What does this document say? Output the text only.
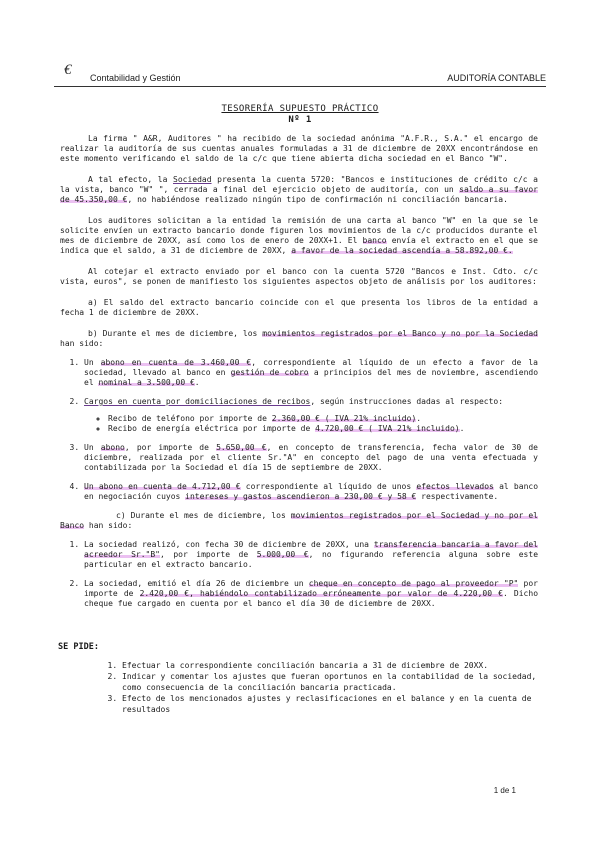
€ Contabilidad y Gestión	AUDITORÍA CONTABLE
TESORERÍA SUPUESTO PRÁCTICO
Nº 1

La firma " A&R, Auditores " ha recibido de la sociedad anónima "A.F.R., S.A." el encargo de realizar la auditoría de sus cuentas anuales formuladas a 31 de diciembre de 20XX encontrándose en este momento verificando el saldo de la c/c que tiene abierta dicha sociedad en el Banco "W".

A tal efecto, la Sociedad presenta la cuenta 5720: "Bancos e instituciones de crédito c/c a la vista, banco "W" ", cerrada a final del ejercicio objeto de auditoría, con un saldo a su favor de 45.350,00 €, no habiéndose realizado ningún tipo de confirmación ni conciliación bancaria.

Los auditores solicitan a la entidad la remisión de una carta al banco "W" en la que se le solicite envíen un extracto bancario donde figuren los movimientos de la c/c producidos durante el mes de diciembre de 20XX, así como los de enero de 20XX+1. El banco envía el extracto en el que se indica que el saldo, a 31 de diciembre de 20XX, a favor de la sociedad ascendía a 58.892,00 €.

Al cotejar el extracto enviado por el banco con la cuenta 5720 "Bancos e Inst. Cdto. c/c vista, euros", se ponen de manifiesto los siguientes aspectos objeto de análisis por los auditores:

a) El saldo del extracto bancario coincide con el que presenta los libros de la entidad a fecha 1 de diciembre de 20XX.

b) Durante el mes de diciembre, los movimientos registrados por el Banco y no por la Sociedad han sido:

1. Un abono en cuenta de 3.460,00 €, correspondiente al líquido de un efecto a favor de la sociedad, llevado al banco en gestión de cobro a principios del mes de noviembre, ascendiendo el nominal a 3.500,00 €.
2. Cargos en cuenta por domiciliaciones de recibos, según instrucciones dadas al respecto:
◦ Recibo de teléfono por importe de 2.360,00 € ( IVA 21% incluido).
◦ Recibo de energía eléctrica por importe de 4.720,00 € ( IVA 21% incluido).
3. Un abono, por importe de 5.650,00 €, en concepto de transferencia, fecha valor de 30 de diciembre, realizada por el cliente Sr."A" en concepto del pago de una venta efectuada y contabilizada por la Sociedad el día 15 de septiembre de 20XX.
4. Un abono en cuenta de 4.712,00 € correspondiente al líquido de unos efectos llevados al banco en negociación cuyos intereses y gastos ascendieron a 230,00 € y 58 € respectivamente.

c) Durante el mes de diciembre, los movimientos registrados por el Sociedad y no por el Banco han sido:

1. La sociedad realizó, con fecha 30 de diciembre de 20XX, una transferencia bancaria a favor del acreedor Sr."B", por importe de 5.000,00 €, no figurando referencia alguna sobre este particular en el extracto bancario.
2. La sociedad, emitió el día 26 de diciembre un cheque en concepto de pago al proveedor "P" por importe de 2.420,00 €, habiéndolo contabilizado erróneamente por valor de 4.220,00 €. Dicho cheque fue cargado en cuenta por el banco el día 30 de diciembre de 20XX.
SE PIDE:
1. Efectuar la correspondiente conciliación bancaria a 31 de diciembre de 20XX.
2. Indicar y comentar los ajustes que fueran oportunos en la contabilidad de la sociedad, como consecuencia de la conciliación bancaria practicada.
3. Efecto de los mencionados ajustes y reclasificaciones en el balance y en la cuenta de resultados
1 de 1
